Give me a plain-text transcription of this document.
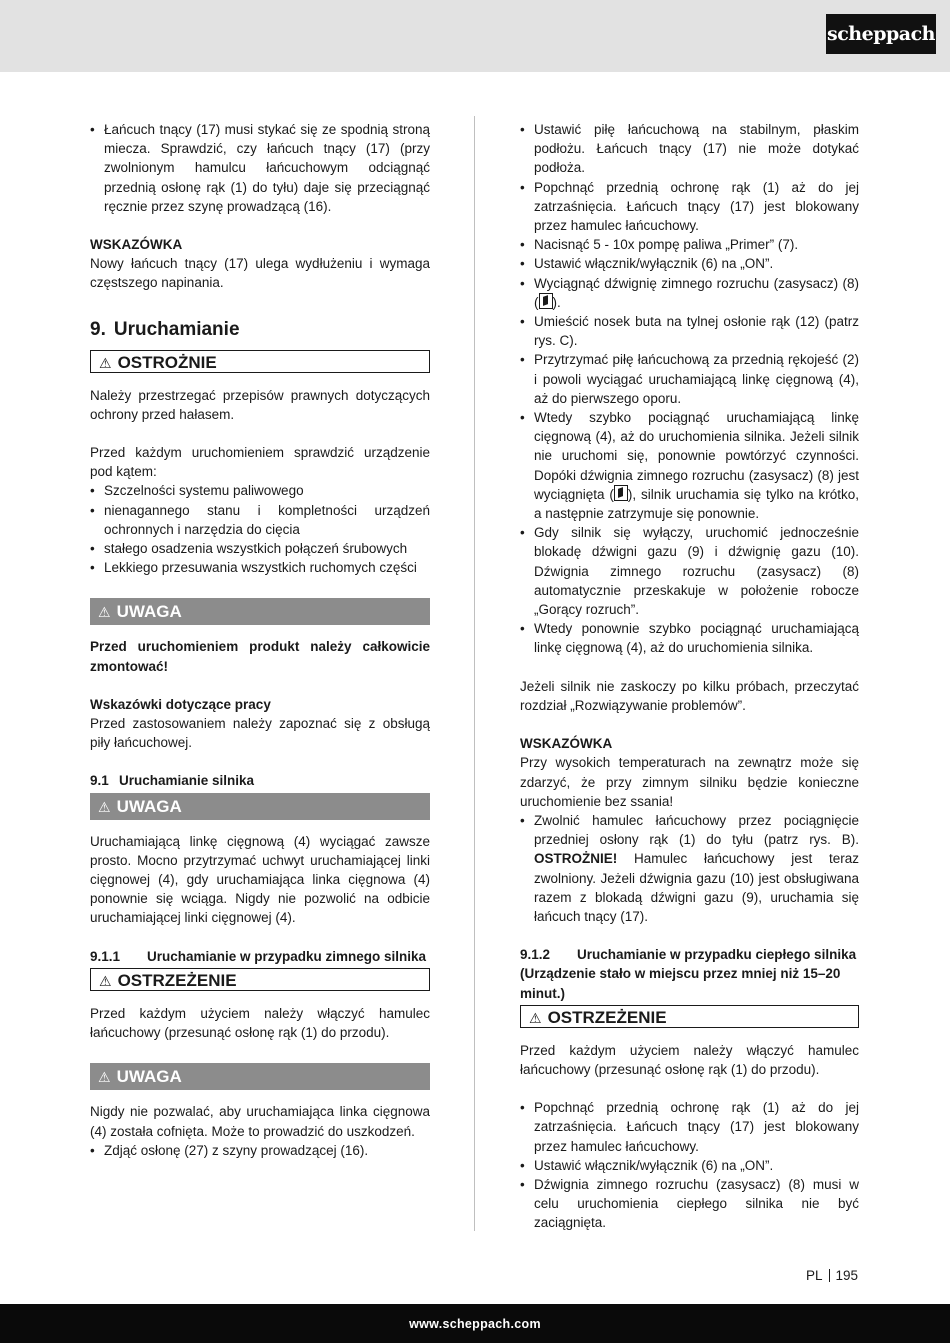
scheppach
• Łańcuch tnący (17) musi stykać się ze spodnią stroną miecza. Sprawdzić, czy łańcuch tnący (17) (przy zwolnionym hamulcu łańcuchowym odciągnąć przednią osłonę rąk (1) do tyłu) daje się przeciągnąć ręcznie przez szynę prowadzącą (16).

WSKAZÓWKA

Nowy łańcuch tnący (17) ulega wydłużeniu i wymaga częstszego napinania.

9. Uruchamianie
⚠ OSTROŻNIE

Należy przestrzegać przepisów prawnych dotyczących ochrony przed hałasem.

Przed każdym uruchomieniem sprawdzić urządzenie pod kątem:

• Szczelności systemu paliwowego
• nienagannego stanu i kompletności urządzeń ochronnych i narzędzia do cięcia
• stałego osadzenia wszystkich połączeń śrubowych
• Lekkiego przesuwania wszystkich ruchomych części
⚠ UWAGA

Przed uruchomieniem produkt należy całkowicie zmontować!

Wskazówki dotyczące pracy

Przed zastosowaniem należy zapoznać się z obsługą piły łańcuchowej.

9.1 Uruchamianie silnika
⚠ UWAGA

Uruchamiającą linkę cięgnową (4) wyciągać zawsze prosto. Mocno przytrzymać uchwyt uruchamiającej linki cięgnowej (4), gdy uruchamiająca linka cięgnowa (4) ponownie się wciąga. Nigdy nie pozwolić na odbicie uruchamiającej linki cięgnowej (4).

9.1.1	Uruchamianie w przypadku zimnego silnika
⚠ OSTRZEŻENIE

Przed każdym użyciem należy włączyć hamulec łańcuchowy (przesunąć osłonę rąk (1) do przodu).

⚠ UWAGA

Nigdy nie pozwalać, aby uruchamiająca linka cięgnowa (4) została cofnięta. Może to prowadzić do uszkodzeń.

• Zdjąć osłonę (27) z szyny prowadzącej (16).
• Ustawić piłę łańcuchową na stabilnym, płaskim podłożu. Łańcuch tnący (17) nie może dotykać podłoża.
• Popchnąć przednią ochronę rąk (1) aż do jej zatrzaśnięcia. Łańcuch tnący (17) jest blokowany przez hamulec łańcuchowy.
• Nacisnąć 5 - 10x pompę paliwa „Primer” (7).
• Ustawić włącznik/wyłącznik (6) na „ON”.
• Wyciągnąć dźwignię zimnego rozruchu (zasysacz) (8) ( ).
• Umieścić nosek buta na tylnej osłonie rąk (12) (patrz rys. C).
• Przytrzymać piłę łańcuchową za przednią rękojeść (2) i powoli wyciągać uruchamiającą linkę cięgnową (4), aż do pierwszego oporu.
• Wtedy szybko pociągnąć uruchamiającą linkę cięgnową (4), aż do uruchomienia silnika. Jeżeli silnik nie uruchomi się, ponownie powtórzyć czynności. Dopóki dźwignia zimnego rozruchu (zasysacz) (8) jest wyciągnięta ( ), silnik uruchamia się tylko na krótko, a następnie zatrzymuje się ponownie.
• Gdy silnik się wyłączy, uruchomić jednocześnie blokadę dźwigni gazu (9) i dźwignię gazu (10). Dźwignia zimnego rozruchu (zasysacz) (8) automatycznie przeskakuje w położenie robocze „Gorący rozruch”.
• Wtedy ponownie szybko pociągnąć uruchamiającą linkę cięgnową (4), aż do uruchomienia silnika.

Jeżeli silnik nie zaskoczy po kilku próbach, przeczytać rozdział „Rozwiązywanie problemów”.

WSKAZÓWKA

Przy wysokich temperaturach na zewnątrz może się zdarzyć, że przy zimnym silniku będzie konieczne uruchomienie bez ssania!

• Zwolnić hamulec łańcuchowy przez pociągnięcie przedniej osłony rąk (1) do tyłu (patrz rys. B). OSTROŻNIE! Hamulec łańcuchowy jest teraz zwolniony. Jeżeli dźwignia gazu (10) jest obsługiwana razem z blokadą dźwigni gazu (9), uruchamia się łańcuch tnący (17).
9.1.2	Uruchamianie w przypadku ciepłego silnika

(Urządzenie stało w miejscu przez mniej niż 15–20 minut.)

⚠ OSTRZEŻENIE

Przed każdym użyciem należy włączyć hamulec łańcuchowy (przesunąć osłonę rąk (1) do przodu).

• Popchnąć przednią ochronę rąk (1) aż do jej zatrzaśnięcia. Łańcuch tnący (17) jest blokowany przez hamulec łańcuchowy.
• Ustawić włącznik/wyłącznik (6) na „ON”.
• Dźwignia zimnego rozruchu (zasysacz) (8) musi w celu uruchomienia ciepłego silnika nie być zaciągnięta.
PL 195
www.scheppach.com
